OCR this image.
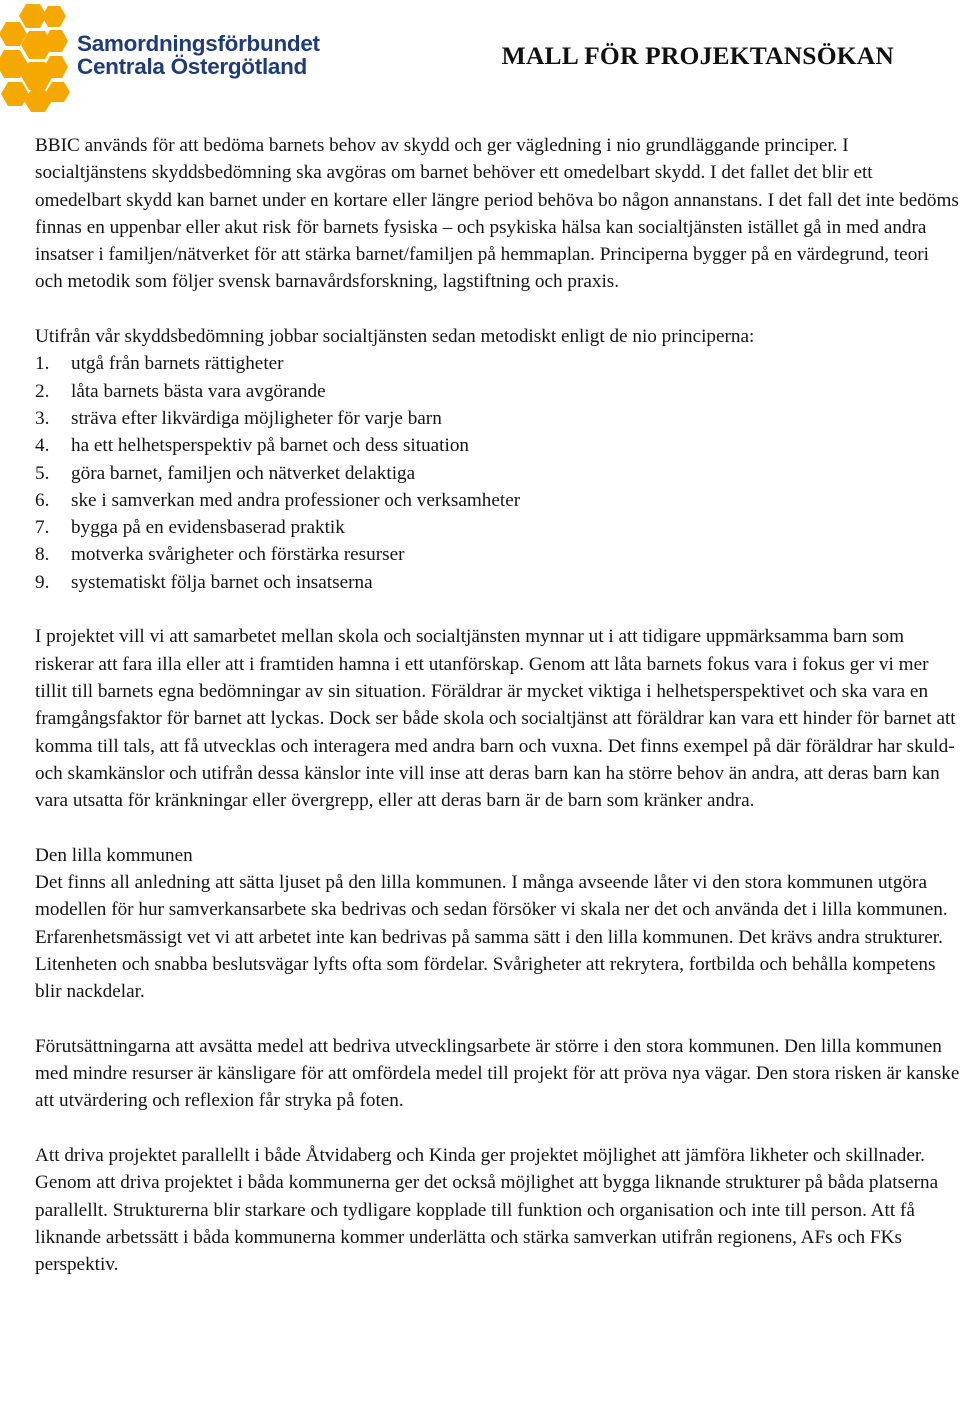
Samordningsförbundet
Centrala Östergötland	MALL FÖR PROJEKTANSÖKAN

BBIC används för att bedöma barnets behov av skydd och ger vägledning i nio grundläggande principer. I socialtjänstens skyddsbedömning ska avgöras om barnet behöver ett omedelbart skydd. I det fallet det blir ett omedelbart skydd kan barnet under en kortare eller längre period behöva bo någon annanstans. I det fall det inte bedöms finnas en uppenbar eller akut risk för barnets fysiska – och psykiska hälsa kan socialtjänsten istället gå in med andra insatser i familjen/nätverket för att stärka barnet/familjen på hemmaplan. Principerna bygger på en värdegrund, teori och metodik som följer svensk barnavårdsforskning, lagstiftning och praxis.

Utifrån vår skyddsbedömning jobbar socialtjänsten sedan metodiskt enligt de nio principerna:

1.	utgå från barnets rättigheter
2.	låta barnets bästa vara avgörande
3.	sträva efter likvärdiga möjligheter för varje barn
4.	ha ett helhetsperspektiv på barnet och dess situation
5.	göra barnet, familjen och nätverket delaktiga
6.	ske i samverkan med andra professioner och verksamheter
7.	bygga på en evidensbaserad praktik
8.	motverka svårigheter och förstärka resurser
9.	systematiskt följa barnet och insatserna

I projektet vill vi att samarbetet mellan skola och socialtjänsten mynnar ut i att tidigare uppmärksamma barn som riskerar att fara illa eller att i framtiden hamna i ett utanförskap. Genom att låta barnets fokus vara i fokus ger vi mer tillit till barnets egna bedömningar av sin situation. Föräldrar är mycket viktiga i helhetsperspektivet och ska vara en framgångsfaktor för barnet att lyckas. Dock ser både skola och socialtjänst att föräldrar kan vara ett hinder för barnet att komma till tals, att få utvecklas och interagera med andra barn och vuxna. Det finns exempel på där föräldrar har skuld- och skamkänslor och utifrån dessa känslor inte vill inse att deras barn kan ha större behov än andra, att deras barn kan vara utsatta för kränkningar eller övergrepp, eller att deras barn är de barn som kränker andra.

Den lilla kommunen

Det finns all anledning att sätta ljuset på den lilla kommunen. I många avseende låter vi den stora kommunen utgöra modellen för hur samverkansarbete ska bedrivas och sedan försöker vi skala ner det och använda det i lilla kommunen. Erfarenhetsmässigt vet vi att arbetet inte kan bedrivas på samma sätt i den lilla kommunen. Det krävs andra strukturer. Litenheten och snabba beslutsvägar lyfts ofta som fördelar. Svårigheter att rekrytera, fortbilda och behålla kompetens blir nackdelar.

Förutsättningarna att avsätta medel att bedriva utvecklingsarbete är större i den stora kommunen. Den lilla kommunen med mindre resurser är känsligare för att omfördela medel till projekt för att pröva nya vägar. Den stora risken är kanske att utvärdering och reflexion får stryka på foten.

Att driva projektet parallellt i både Åtvidaberg och Kinda ger projektet möjlighet att jämföra likheter och skillnader. Genom att driva projektet i båda kommunerna ger det också möjlighet att bygga liknande strukturer på båda platserna parallellt. Strukturerna blir starkare och tydligare kopplade till funktion och organisation och inte till person. Att få liknande arbetssätt i båda kommunerna kommer underlätta och stärka samverkan utifrån regionens, AFs och FKs perspektiv.
